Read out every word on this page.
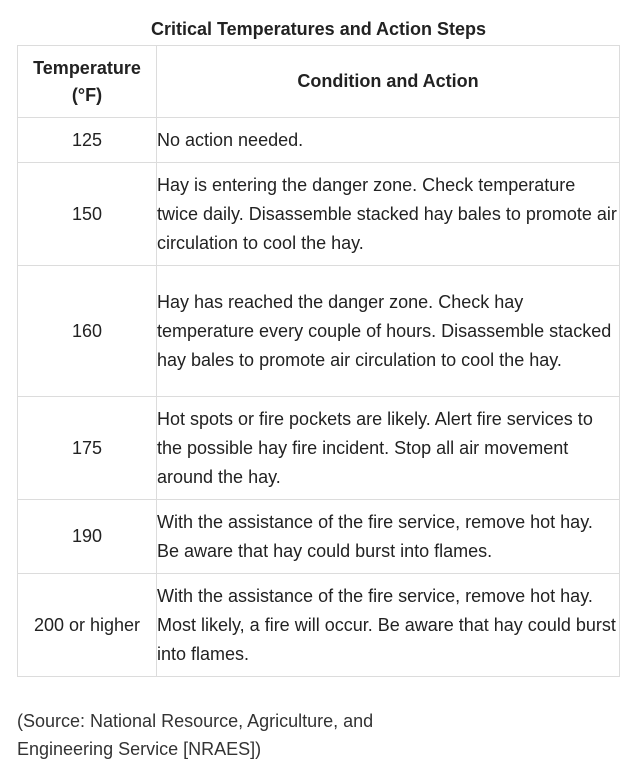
Critical Temperatures and Action Steps
Temperature (°F)	Condition and Action
125	No action needed.
150	Hay is entering the danger zone. Check temperature twice daily. Disassemble stacked hay bales to promote air circulation to cool the hay.
160	Hay has reached the danger zone. Check hay temperature every couple of hours. Disassemble stacked hay bales to promote air circulation to cool the hay.
175	Hot spots or fire pockets are likely. Alert fire services to the possible hay fire incident. Stop all air movement around the hay.
190	With the assistance of the fire service, remove hot hay. Be aware that hay could burst into flames.
200 or higher	With the assistance of the fire service, remove hot hay. Most likely, a fire will occur. Be aware that hay could burst into flames.
(Source: National Resource, Agriculture, and Engineering Service [NRAES])
